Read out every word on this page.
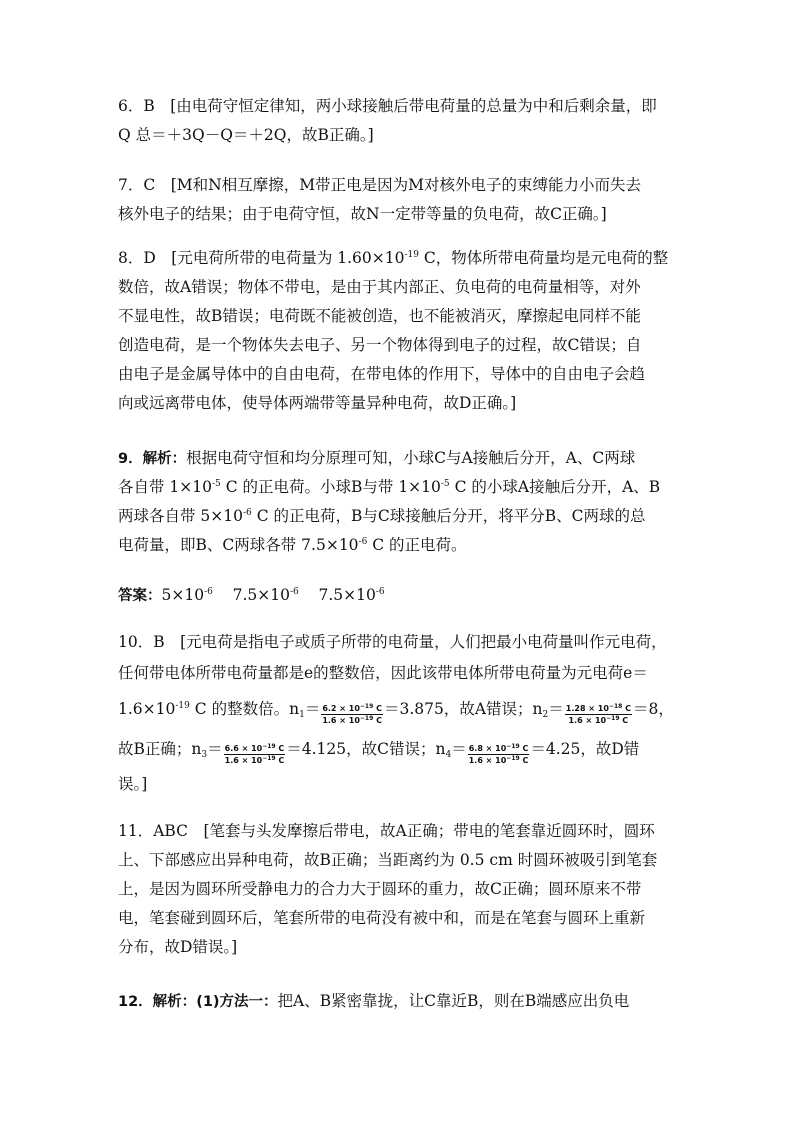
6．B　[由电荷守恒定律知，两小球接触后带电荷量的总量为中和后剩余量，即
Q 总＝＋3Q－Q＝＋2Q，故B正确。]
7．C　[M和N相互摩擦，M带正电是因为M对核外电子的束缚能力小而失去
核外电子的结果；由于电荷守恒，故N一定带等量的负电荷，故C正确。]
8．D　[元电荷所带的电荷量为 $1.60\times 10^{-19}$ C，物体所带电荷量均是元电荷的整
数倍，故A错误；物体不带电，是由于其内部正、负电荷的电荷量相等，对外
不显电性，故B错误；电荷既不能被创造，也不能被消灭，摩擦起电同样不能
创造电荷，是一个物体失去电子、另一个物体得到电子的过程，故C错误；自
由电子是金属导体中的自由电荷，在带电体的作用下，导体中的自由电子会趋
向或远离带电体，使导体两端带等量异种电荷，故D正确。]
9．解析：根据电荷守恒和均分原理可知，小球C与A接触后分开，A、C两球
各自带 $1\times 10^{-5}$ C 的正电荷。小球B与带 $1\times 10^{-5}$ C 的小球A接触后分开，A、B
两球各自带 $5\times 10^{-6}$ C 的正电荷，B与C球接触后分开，将平分B、C两球的总
电荷量，即B、C两球各带 $7.5\times 10^{-6}$ C 的正电荷。
答案：$5\times 10^{-6}$ $7.5\times 10^{-6}$ $7.5\times 10^{-6}$
10．B　[元电荷是指电子或质子所带的电荷量，人们把最小电荷量叫作元电荷，
任何带电体所带电荷量都是e的整数倍，因此该带电体所带电荷量为元电荷e＝
$1.6\times 10^{-19}$ C 的整数倍。$n_1= \frac{6.2 \times 10^{-19} C}{1.6 \times 10^{-19} C} =3.875$，故A错误；$n_2= \frac{1.28 \times 10^{-18} C}{1.6 \times 10^{-19} C} =8$，
故B正确；$n_3= \frac{6.6 \times 10^{-19} C}{1.6 \times 10^{-19} C} =4.125$，故C错误；$n_4= \frac{6.8 \times 10^{-19} C}{1.6 \times 10^{-19} C} =4.25$，故D错
误。]
11．ABC　[笔套与头发摩擦后带电，故A正确；带电的笔套靠近圆环时，圆环
上、下部感应出异种电荷，故B正确；当距离约为 0.5 cm 时圆环被吸引到笔套
上，是因为圆环所受静电力的合力大于圆环的重力，故C正确；圆环原来不带
电，笔套碰到圆环后，笔套所带的电荷没有被中和，而是在笔套与圆环上重新
分布，故D错误。]
12．解析：(1)方法一：把A、B紧密靠拢，让C靠近B，则在B端感应出负电
